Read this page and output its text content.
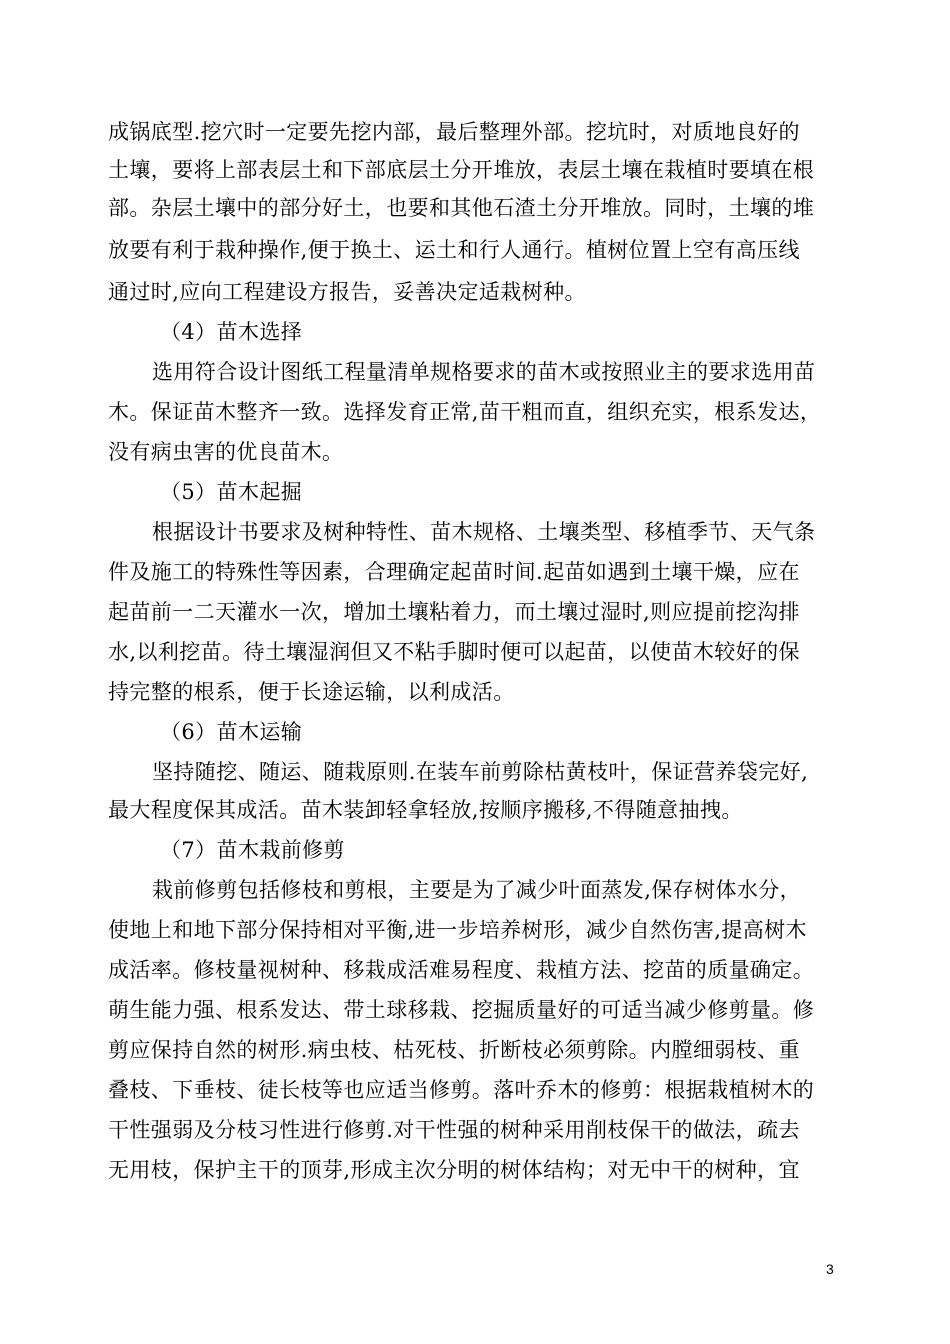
成锅底型.挖穴时一定要先挖内部，最后整理外部。挖坑时，对质地良好的
土壤，要将上部表层土和下部底层土分开堆放，表层土壤在栽植时要填在根
部。杂层土壤中的部分好土，也要和其他石渣土分开堆放。同时，土壤的堆
放要有利于栽种操作,便于换土、运土和行人通行。植树位置上空有高压线
通过时,应向工程建设方报告，妥善决定适栽树种。
（4）苗木选择
选用符合设计图纸工程量清单规格要求的苗木或按照业主的要求选用苗
木。保证苗木整齐一致。选择发育正常,苗干粗而直，组织充实，根系发达，
没有病虫害的优良苗木。
（5）苗木起掘
根据设计书要求及树种特性、苗木规格、土壤类型、移植季节、天气条
件及施工的特殊性等因素，合理确定起苗时间.起苗如遇到土壤干燥，应在
起苗前一二天灌水一次，增加土壤粘着力，而土壤过湿时,则应提前挖沟排
水,以利挖苗。待土壤湿润但又不粘手脚时便可以起苗，以使苗木较好的保
持完整的根系，便于长途运输，以利成活。
（6）苗木运输
坚持随挖、随运、随栽原则.在装车前剪除枯黄枝叶，保证营养袋完好,
最大程度保其成活。苗木装卸轻拿轻放,按顺序搬移,不得随意抽拽。
（7）苗木栽前修剪
栽前修剪包括修枝和剪根，主要是为了减少叶面蒸发,保存树体水分，
使地上和地下部分保持相对平衡,进一步培养树形，减少自然伤害,提高树木
成活率。修枝量视树种、移栽成活难易程度、栽植方法、挖苗的质量确定。
萌生能力强、根系发达、带土球移栽、挖掘质量好的可适当减少修剪量。修
剪应保持自然的树形.病虫枝、枯死枝、折断枝必须剪除。内膛细弱枝、重
叠枝、下垂枝、徒长枝等也应适当修剪。落叶乔木的修剪：根据栽植树木的
干性强弱及分枝习性进行修剪.对干性强的树种采用削枝保干的做法，疏去
无用枝，保护主干的顶芽,形成主次分明的树体结构；对无中干的树种，宜
3
